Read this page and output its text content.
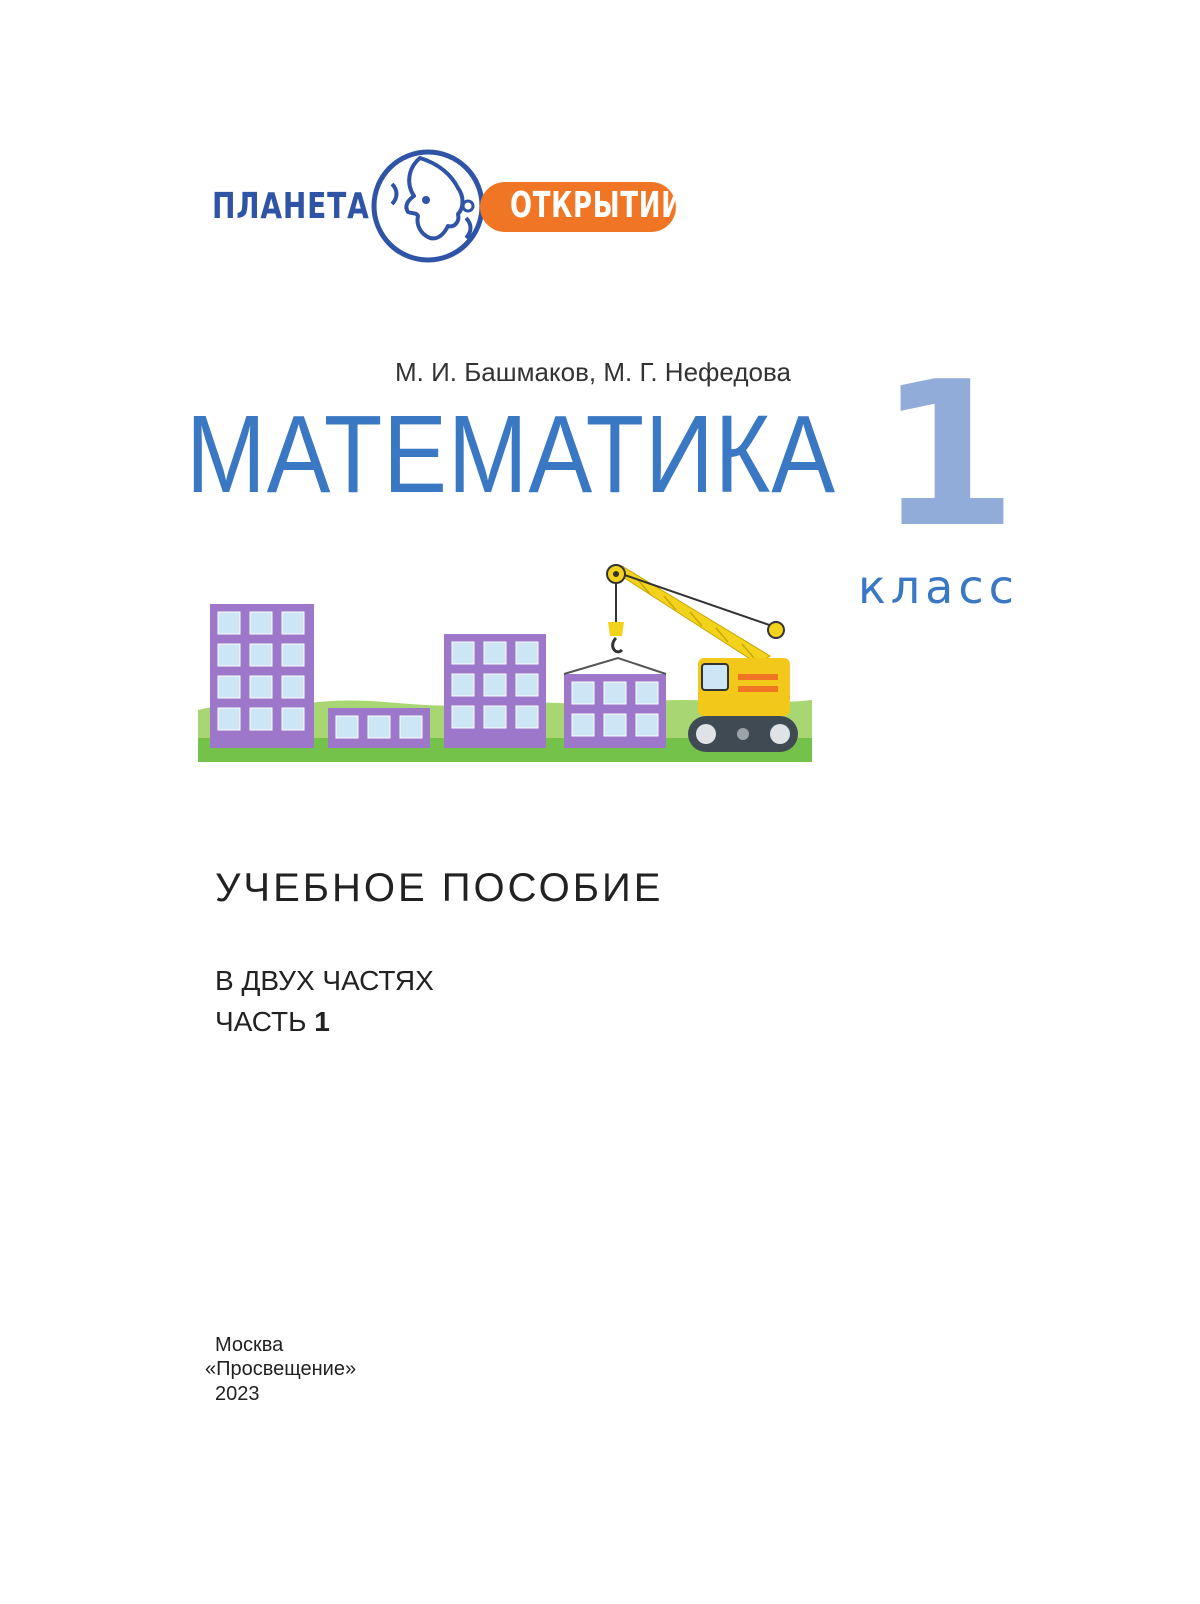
ПЛАНЕТА	ОТКРЫТИЙ
М. И. Башмаков, М. Г. Нефедова
МАТЕМАТИКА 1
класс
УЧЕБНОЕ ПОСОБИЕ
В ДВУХ ЧАСТЯХ
ЧАСТЬ 1
Москва
«Просвещение»
2023
